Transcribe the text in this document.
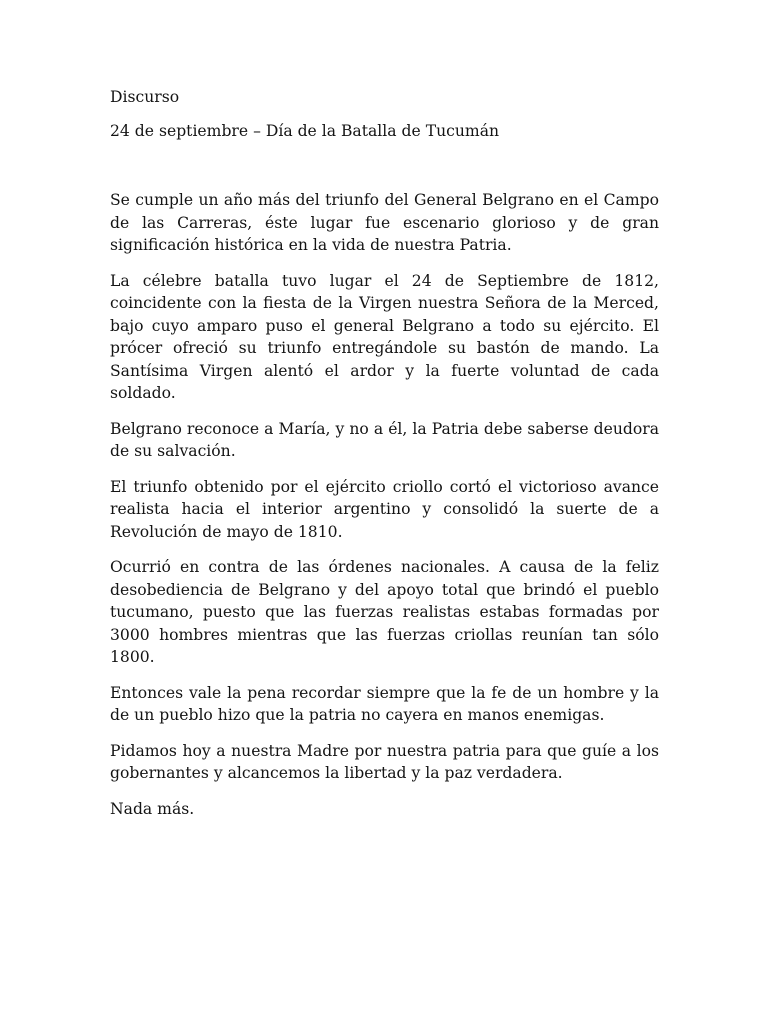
Discurso
24 de septiembre – Día de la Batalla de Tucumán

Se cumple un año más del triunfo del General Belgrano en el Campo de las Carreras, éste lugar fue escenario glorioso y de gran significación histórica en la vida de nuestra Patria.

La célebre batalla tuvo lugar el 24 de Septiembre de 1812, coincidente con la fiesta de la Virgen nuestra Señora de la Merced, bajo cuyo amparo puso el general Belgrano a todo su ejército. El prócer ofreció su triunfo entregándole su bastón de mando. La Santísima Virgen alentó el ardor y la fuerte voluntad de cada soldado.

Belgrano reconoce a María, y no a él, la Patria debe saberse deudora de su salvación.

El triunfo obtenido por el ejército criollo cortó el victorioso avance realista hacia el interior argentino y consolidó la suerte de a Revolución de mayo de 1810.

Ocurrió en contra de las órdenes nacionales. A causa de la feliz desobediencia de Belgrano y del apoyo total que brindó el pueblo tucumano, puesto que las fuerzas realistas estabas formadas por 3000 hombres mientras que las fuerzas criollas reunían tan sólo 1800.

Entonces vale la pena recordar siempre que la fe de un hombre y la de un pueblo hizo que la patria no cayera en manos enemigas.

Pidamos hoy a nuestra Madre por nuestra patria para que guíe a los gobernantes y alcancemos la libertad y la paz verdadera.

Nada más.
